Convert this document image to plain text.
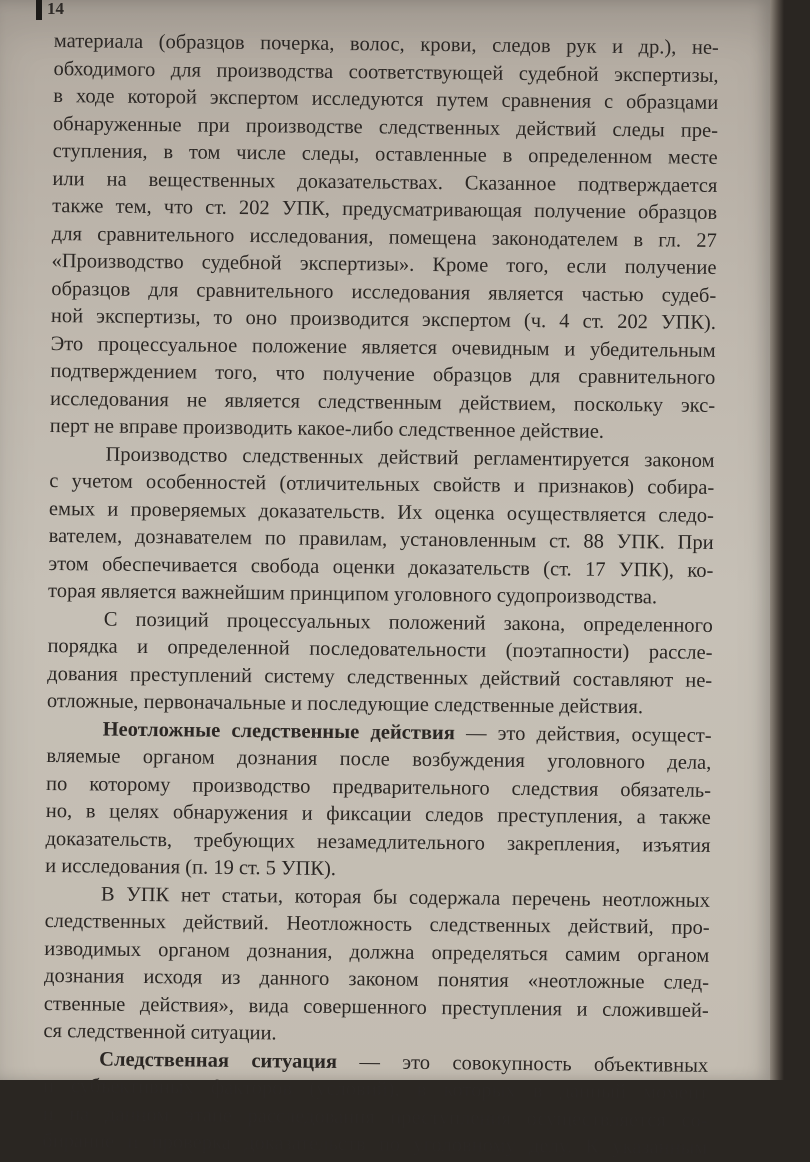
14
материала (образцов почерка, волос, крови, следов рук и др.), не-
обходимого для производства соответствующей судебной экспертизы,
в ходе которой экспертом исследуются путем сравнения с образцами
обнаруженные при производстве следственных действий следы пре-
ступления, в том числе следы, оставленные в определенном месте
или на вещественных доказательствах. Сказанное подтверждается
также тем, что ст. 202 УПК, предусматривающая получение образцов
для сравнительного исследования, помещена законодателем в гл. 27
«Производство судебной экспертизы». Кроме того, если получение
образцов для сравнительного исследования является частью судеб-
ной экспертизы, то оно производится экспертом (ч. 4 ст. 202 УПК).
Это процессуальное положение является очевидным и убедительным
подтверждением того, что получение образцов для сравнительного
исследования не является следственным действием, поскольку экс-
перт не вправе производить какое-либо следственное действие.
Производство следственных действий регламентируется законом
с учетом особенностей (отличительных свойств и признаков) собира-
емых и проверяемых доказательств. Их оценка осуществляется следо-
вателем, дознавателем по правилам, установленным ст. 88 УПК. При
этом обеспечивается свобода оценки доказательств (ст. 17 УПК), ко-
торая является важнейшим принципом уголовного судопроизводства.
С позиций процессуальных положений закона, определенного
порядка и определенной последовательности (поэтапности) рассле-
дования преступлений систему следственных действий составляют не-
отложные, первоначальные и последующие следственные действия.
Неотложные следственные действия — это действия, осущест-
вляемые органом дознания после возбуждения уголовного дела,
по которому производство предварительного следствия обязатель-
но, в целях обнаружения и фиксации следов преступления, а также
доказательств, требующих незамедлительного закрепления, изъятия
и исследования (п. 19 ст. 5 УПК).
В УПК нет статьи, которая бы содержала перечень неотложных
следственных действий. Неотложность следственных действий, про-
изводимых органом дознания, должна определяться самим органом
дознания исходя из данного законом понятия «неотложные след-
ственные действия», вида совершенного преступления и сложившей-
ся следственной ситуации.
Следственная ситуация — это совокупность объективных
и субъективных факторов (условий), в которых в данный момент
и на данном этапе расследования преступления осуществляется со-
бирание и проверка доказательств по уголовному делу. К указанным
